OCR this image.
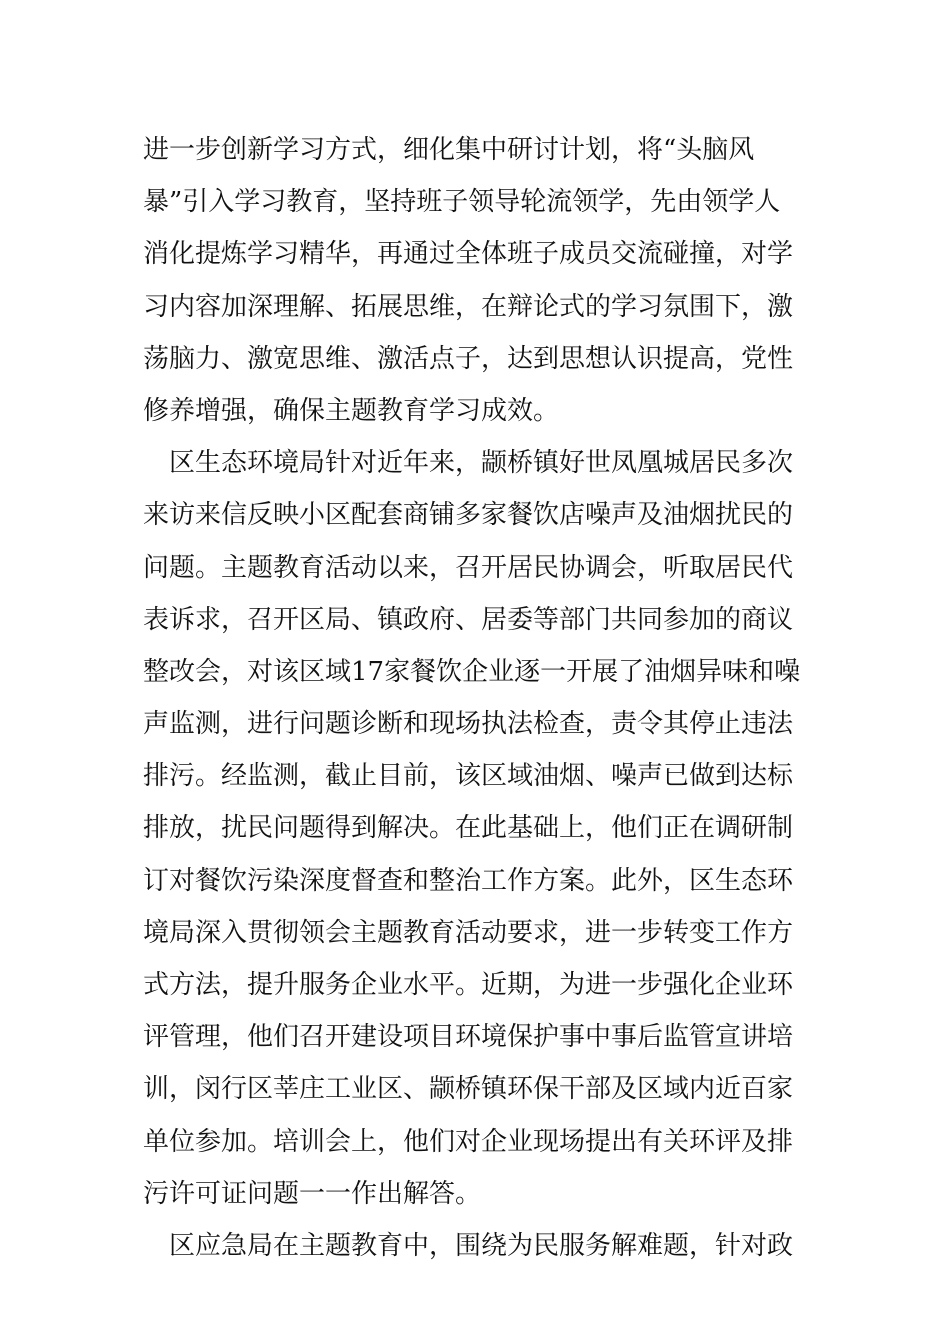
进一步创新学习方式，细化集中研讨计划，将“头脑风
暴”引入学习教育，坚持班子领导轮流领学，先由领学人
消化提炼学习精华，再通过全体班子成员交流碰撞，对学
习内容加深理解、拓展思维，在辩论式的学习氛围下，激
荡脑力、激宽思维、激活点子，达到思想认识提高，党性
修养增强，确保主题教育学习成效。
　区生态环境局针对近年来，颛桥镇好世凤凰城居民多次
来访来信反映小区配套商铺多家餐饮店噪声及油烟扰民的
问题。主题教育活动以来，召开居民协调会，听取居民代
表诉求，召开区局、镇政府、居委等部门共同参加的商议
整改会，对该区域17家餐饮企业逐一开展了油烟异味和噪
声监测，进行问题诊断和现场执法检查，责令其停止违法
排污。经监测，截止目前，该区域油烟、噪声已做到达标
排放，扰民问题得到解决。在此基础上，他们正在调研制
订对餐饮污染深度督查和整治工作方案。此外，区生态环
境局深入贯彻领会主题教育活动要求，进一步转变工作方
式方法，提升服务企业水平。近期，为进一步强化企业环
评管理，他们召开建设项目环境保护事中事后监管宣讲培
训，闵行区莘庄工业区、颛桥镇环保干部及区域内近百家
单位参加。培训会上，他们对企业现场提出有关环评及排
污许可证问题一一作出解答。
　区应急局在主题教育中，围绕为民服务解难题，针对政
